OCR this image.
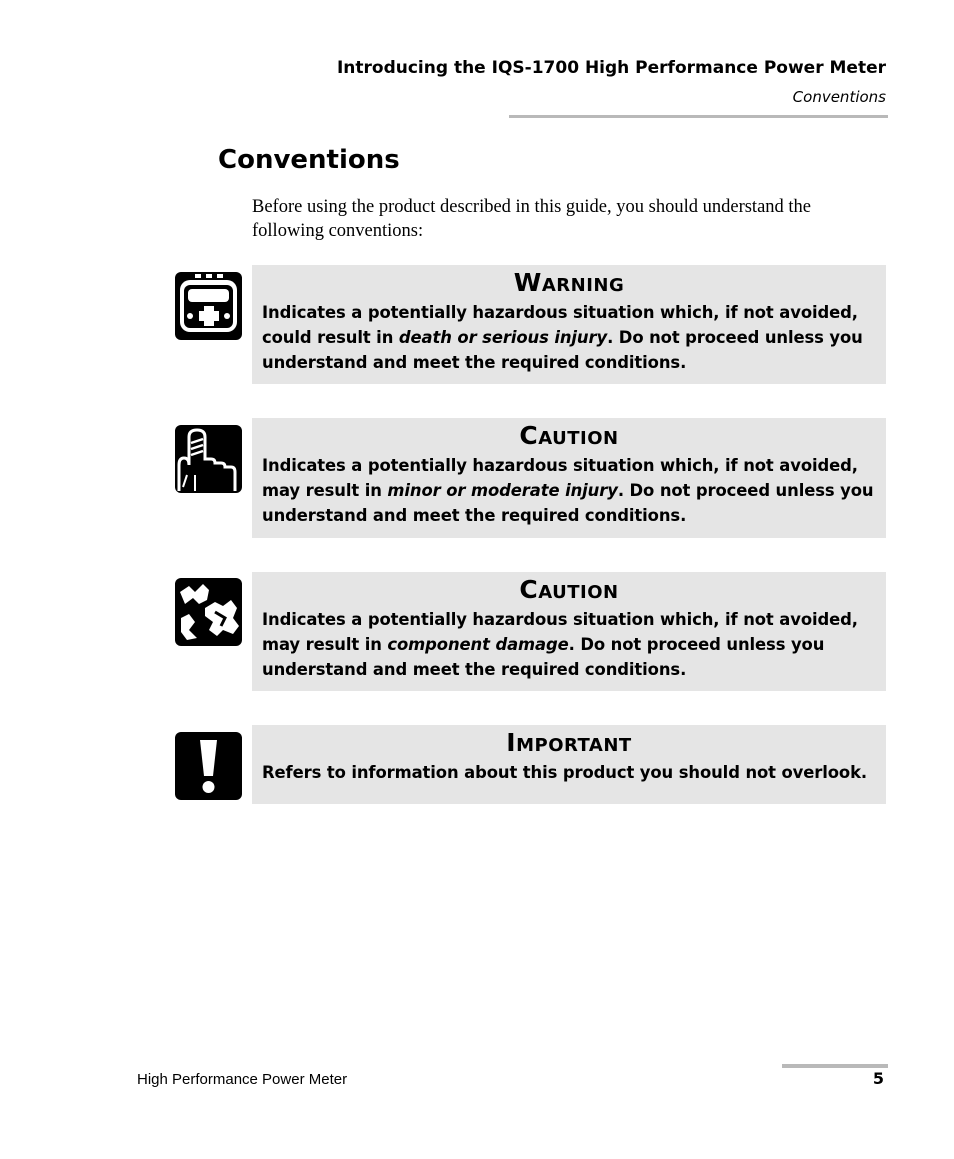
Introducing the IQS-1700 High Performance Power Meter
Conventions
Conventions
Before using the product described in this guide, you should understand the following conventions:
Warning
Indicates a potentially hazardous situation which, if not avoided, could result in death or serious injury. Do not proceed unless you understand and meet the required conditions.
Caution
Indicates a potentially hazardous situation which, if not avoided, may result in minor or moderate injury. Do not proceed unless you understand and meet the required conditions.
Caution
Indicates a potentially hazardous situation which, if not avoided, may result in component damage. Do not proceed unless you understand and meet the required conditions.
Important
Refers to information about this product you should not overlook.
High Performance Power Meter	5
